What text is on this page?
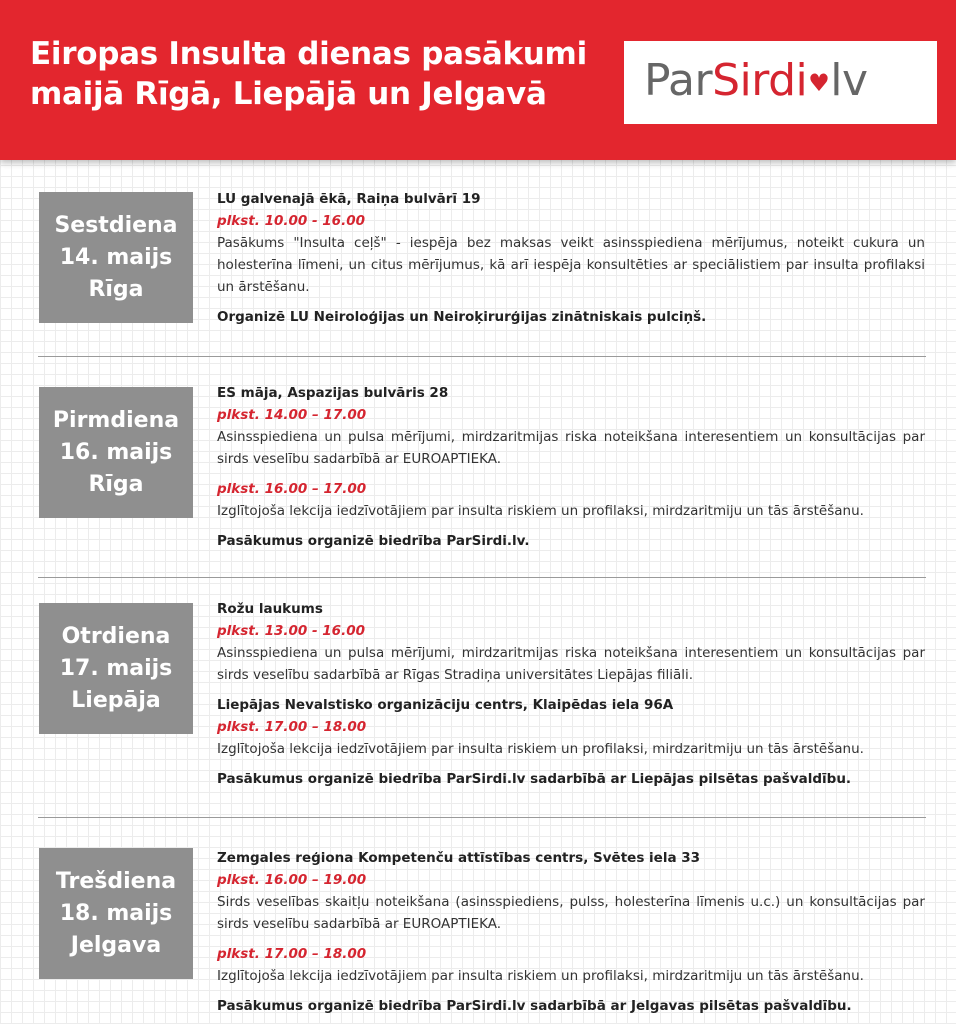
Eiropas Insulta dienas pasākumi
maijā Rīgā, Liepājā un Jelgavā	ParSirdi♥lv
Sestdiena
14. maijs
Rīga
LU galvenajā ēkā, Raiņa bulvārī 19
plkst. 10.00 - 16.00
Pasākums "Insulta ceļš" - iespēja bez maksas veikt asinsspiediena mērījumus, noteikt cukura un holesterīna līmeni, un citus mērījumus, kā arī iespēja konsultēties ar speciālistiem par insulta profilaksi un ārstēšanu.
Organizē LU Neiroloģijas un Neiroķirurģijas zinātniskais pulciņš.
Pirmdiena
16. maijs
Rīga
ES māja, Aspazijas bulvāris 28
plkst. 14.00 – 17.00
Asinsspiediena un pulsa mērījumi, mirdzaritmijas riska noteikšana interesentiem un konsultācijas par sirds veselību sadarbībā ar EUROAPTIEKA.
plkst. 16.00 – 17.00
Izglītojoša lekcija iedzīvotājiem par insulta riskiem un profilaksi, mirdzaritmiju un tās ārstēšanu.
Pasākumus organizē biedrība ParSirdi.lv.
Otrdiena
17. maijs
Liepāja
Rožu laukums
plkst. 13.00 - 16.00
Asinsspiediena un pulsa mērījumi, mirdzaritmijas riska noteikšana interesentiem un konsultācijas par sirds veselību sadarbībā ar Rīgas Stradiņa universitātes Liepājas filiāli.
Liepājas Nevalstisko organizāciju centrs, Klaipēdas iela 96A
plkst. 17.00 – 18.00
Izglītojoša lekcija iedzīvotājiem par insulta riskiem un profilaksi, mirdzaritmiju un tās ārstēšanu.
Pasākumus organizē biedrība ParSirdi.lv sadarbībā ar Liepājas pilsētas pašvaldību.
Trešdiena
18. maijs
Jelgava
Zemgales reģiona Kompetenču attīstības centrs, Svētes iela 33
plkst. 16.00 – 19.00
Sirds veselības skaitļu noteikšana (asinsspiediens, pulss, holesterīna līmenis u.c.) un konsultācijas par sirds veselību sadarbībā ar EUROAPTIEKA.
plkst. 17.00 – 18.00
Izglītojoša lekcija iedzīvotājiem par insulta riskiem un profilaksi, mirdzaritmiju un tās ārstēšanu.
Pasākumus organizē biedrība ParSirdi.lv sadarbībā ar Jelgavas pilsētas pašvaldību.
